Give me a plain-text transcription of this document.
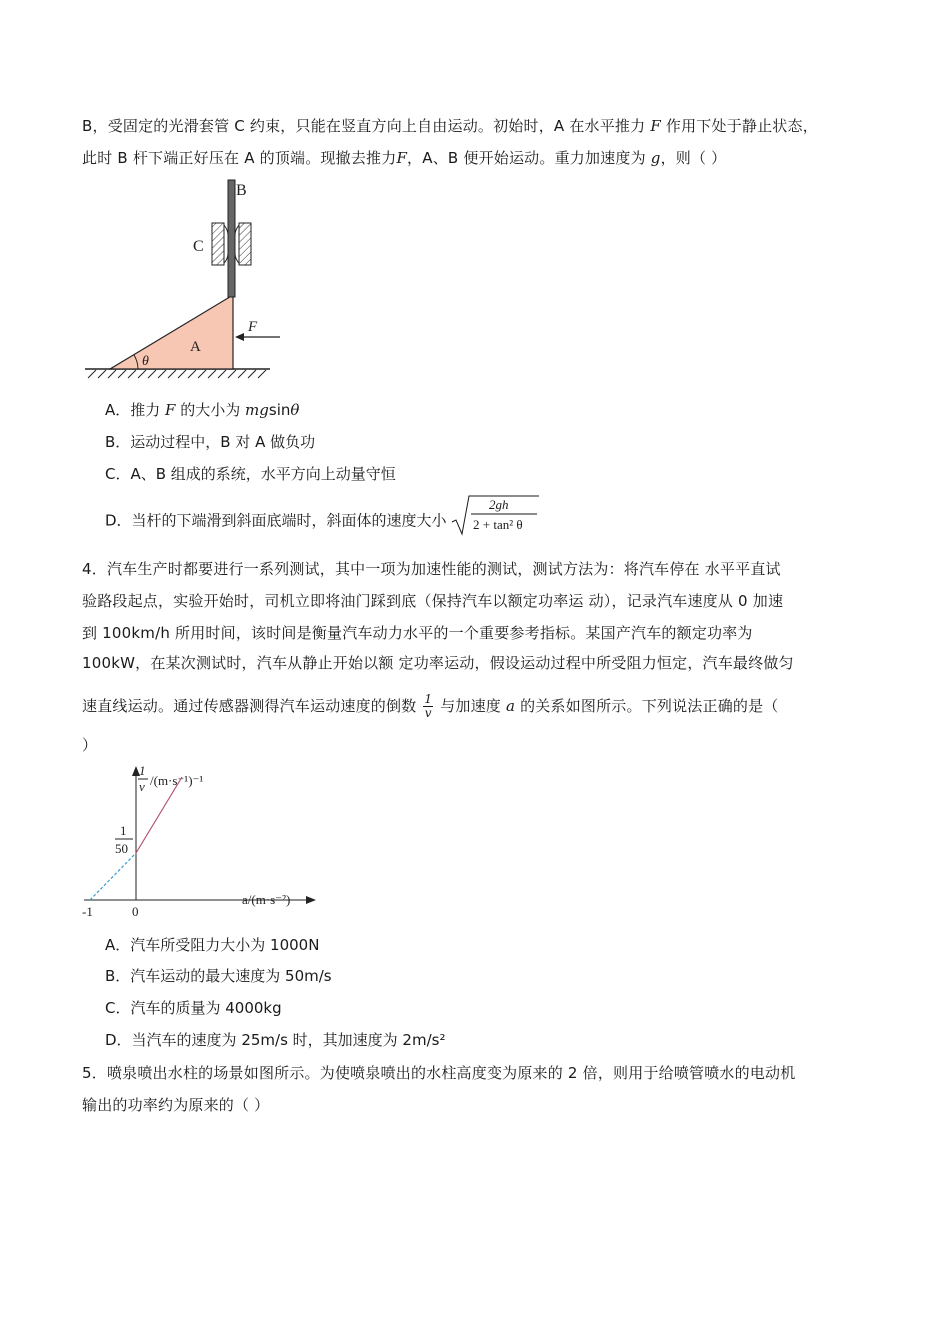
B，受固定的光滑套管 C 约束，只能在竖直方向上自由运动。初始时，A 在水平推力 F 作用下处于静止状态，
此时 B 杆下端正好压在 A 的顶端。现撤去推力F，A、B 便开始运动。重力加速度为 g，则（ ）
θ
A
B
C
F
A．推力 F 的大小为 mgsinθ
B．运动过程中，B 对 A 做负功
C．A、B 组成的系统，水平方向上动量守恒
D．当杆的下端滑到斜面底端时，斜面体的速度大小
2gh
2 + tan² θ
4．汽车生产时都要进行一系列测试，其中一项为加速性能的测试，测试方法为：将汽车停在 水平平直试
验路段起点，实验开始时，司机立即将油门踩到底（保持汽车以额定功率运 动），记录汽车速度从 0 加速
到 100km/h 所用时间，该时间是衡量汽车动力水平的一个重要参考指标。某国产汽车的额定功率为
100kW，在某次测试时，汽车从静止开始以额 定功率运动，假设运动过程中所受阻力恒定，汽车最终做匀
速直线运动。通过传感器测得汽车运动速度的倒数 $\frac{1}{v}$ 与加速度 a 的关系如图所示。下列说法正确的是（
）
1
v /(m·s⁻¹)⁻¹
1
50
a/(m·s⁻²)
-1	0
A．汽车所受阻力大小为 1000N
B．汽车运动的最大速度为 50m/s
C．汽车的质量为 4000kg
D．当汽车的速度为 25m/s 时，其加速度为 2m/s²
5．喷泉喷出水柱的场景如图所示。为使喷泉喷出的水柱高度变为原来的 2 倍，则用于给喷管喷水的电动机
输出的功率约为原来的（ ）
